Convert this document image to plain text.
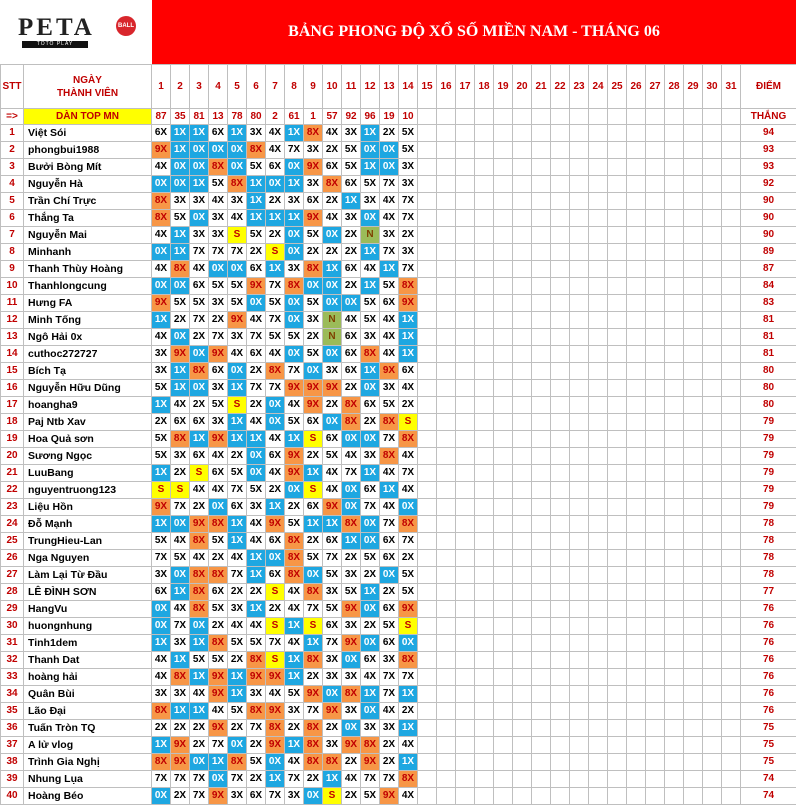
PETA	BALL
TOTO PLAY
BẢNG PHONG ĐỘ XỔ SỐ MIỀN NAM - THÁNG 06
STT	NGÀY
THÀNH VIÊN	1	2	3	4	5	6	7	8	9	10	11	12	13	14	15	16	17	18	19	20	21	22	23	24	25	26	27	28	29	30	31	ĐIỂM
=>	DÀN TOP MN	87	35	81	13	78	80	2	61	1	57	92	96	19	10																		THẮNG
1	Việt Sói	6X	1X	1X	6X	1X	3X	4X	1X	8X	4X	3X	1X	2X	5X																		94
2	phongbui1988	9X	1X	0X	0X	0X	8X	4X	7X	3X	2X	5X	0X	0X	5X																		93
3	Bưởi Bòng Mít	4X	0X	0X	8X	0X	5X	6X	0X	9X	6X	5X	1X	0X	3X																		93
4	Nguyễn Hà	0X	0X	1X	5X	8X	1X	0X	1X	3X	8X	6X	5X	7X	3X																		92
5	Trần Chí Trực	8X	3X	3X	4X	3X	1X	2X	3X	6X	2X	1X	3X	4X	7X																		90
6	Thắng Ta	8X	5X	0X	3X	4X	1X	1X	1X	9X	4X	3X	0X	4X	7X																		90
7	Nguyễn Mai	4X	1X	3X	3X	S	5X	2X	0X	5X	0X	2X	N	3X	2X																		90
8	Minhanh	0X	1X	7X	7X	7X	2X	S	0X	2X	2X	2X	1X	7X	3X																		89
9	Thanh Thùy Hoàng	4X	8X	4X	0X	0X	6X	1X	3X	8X	1X	6X	4X	1X	7X																		87
10	Thanhlongcung	0X	0X	6X	5X	5X	9X	7X	8X	0X	0X	2X	1X	5X	8X																		84
11	Hưng FA	9X	5X	5X	3X	5X	0X	5X	0X	5X	0X	0X	5X	6X	9X																		83
12	Minh Tống	1X	2X	7X	2X	9X	4X	7X	0X	3X	N	4X	5X	4X	1X																		81
13	Ngô Hải 0x	4X	0X	2X	7X	3X	7X	5X	5X	2X	N	6X	3X	4X	1X																		81
14	cuthoc272727	3X	9X	0X	9X	4X	6X	4X	0X	5X	0X	6X	8X	4X	1X																		81
15	Bích Tạ	3X	1X	8X	6X	0X	2X	8X	7X	0X	3X	6X	1X	9X	6X																		80
16	Nguyễn Hữu Dũng	5X	1X	0X	3X	1X	7X	7X	9X	9X	9X	2X	0X	3X	4X																		80
17	hoangha9	1X	4X	2X	5X	S	2X	0X	4X	9X	2X	8X	6X	5X	2X																		80
18	Paj Ntb Xav	2X	6X	6X	3X	1X	4X	0X	5X	6X	0X	8X	2X	8X	S																		79
19	Hoa Quả sơn	5X	8X	1X	9X	1X	1X	4X	1X	S	6X	0X	0X	7X	8X																		79
20	Sương Ngọc	5X	3X	6X	4X	2X	0X	6X	9X	2X	5X	4X	3X	8X	4X																		79
21	LuuBang	1X	2X	S	6X	5X	0X	4X	9X	1X	4X	7X	1X	4X	7X																		79
22	nguyentruong123	S	S	4X	4X	7X	5X	2X	0X	S	4X	0X	6X	1X	4X																		79
23	Liệu Hồn	9X	7X	2X	0X	6X	3X	1X	2X	6X	9X	0X	7X	4X	0X																		79
24	Đỗ Mạnh	1X	0X	9X	8X	1X	4X	9X	5X	1X	1X	8X	0X	7X	8X																		78
25	TrungHieu-Lan	5X	4X	8X	5X	1X	4X	6X	8X	2X	6X	1X	0X	6X	7X																		78
26	Nga Nguyen	7X	5X	4X	2X	4X	1X	0X	8X	5X	7X	2X	5X	6X	2X																		78
27	Làm Lại Từ Đầu	3X	0X	8X	8X	7X	1X	6X	8X	0X	5X	3X	2X	0X	5X																		78
28	LÊ ĐÌNH SƠN	6X	1X	8X	6X	2X	2X	S	4X	8X	3X	5X	1X	2X	5X																		77
29	HangVu	0X	4X	8X	5X	3X	1X	2X	4X	7X	5X	9X	0X	6X	9X																		76
30	huongnhung	0X	7X	0X	2X	4X	4X	S	1X	S	6X	3X	2X	5X	S																		76
31	Tinh1dem	1X	3X	1X	8X	5X	5X	7X	4X	1X	7X	9X	0X	6X	0X																		76
32	Thanh Dat	4X	1X	5X	5X	2X	8X	S	1X	8X	3X	0X	6X	3X	8X																		76
33	hoàng hải	4X	8X	1X	9X	1X	9X	9X	1X	2X	3X	3X	4X	7X	7X																		76
34	Quân Bùi	3X	3X	4X	9X	1X	3X	4X	5X	9X	0X	8X	1X	7X	1X																		76
35	Lão Đại	8X	1X	1X	4X	5X	8X	9X	3X	7X	9X	3X	0X	4X	2X																		76
36	Tuấn Tròn TQ	2X	2X	2X	9X	2X	7X	8X	2X	8X	2X	0X	3X	3X	1X																		75
37	A lử vlog	1X	9X	2X	7X	0X	2X	9X	1X	8X	3X	9X	8X	2X	4X																		75
38	Trình Gia Nghị	8X	9X	0X	1X	8X	5X	0X	4X	8X	8X	2X	9X	2X	1X																		75
39	Nhung Lụa	7X	7X	7X	0X	7X	2X	1X	7X	2X	1X	4X	7X	7X	8X																		74
40	Hoàng Béo	0X	2X	7X	9X	3X	6X	7X	3X	0X	S	2X	5X	9X	4X																		74
